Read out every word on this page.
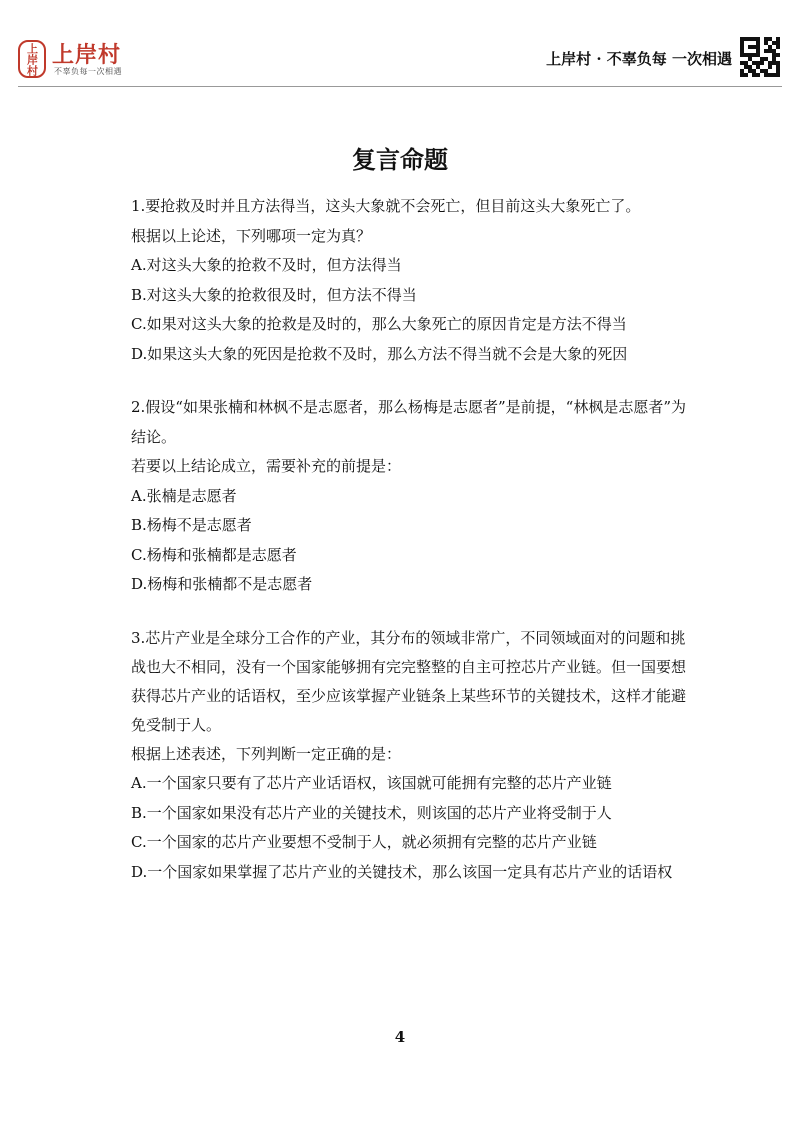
上岸村 上岸村
不辜负每一次相遇
上岸村 · 不辜负每 一次相遇
复言命题
1.要抢救及时并且方法得当，这头大象就不会死亡，但目前这头大象死亡了。
根据以上论述，下列哪项一定为真？
A.对这头大象的抢救不及时，但方法得当
B.对这头大象的抢救很及时，但方法不得当
C.如果对这头大象的抢救是及时的，那么大象死亡的原因肯定是方法不得当
D.如果这头大象的死因是抢救不及时，那么方法不得当就不会是大象的死因
2.假设“如果张楠和林枫不是志愿者，那么杨梅是志愿者”是前提，“林枫是志愿者”为结论。
若要以上结论成立，需要补充的前提是：
A.张楠是志愿者
B.杨梅不是志愿者
C.杨梅和张楠都是志愿者
D.杨梅和张楠都不是志愿者
3.芯片产业是全球分工合作的产业，其分布的领域非常广，不同领域面对的问题和挑战也大不相同，没有一个国家能够拥有完完整整的自主可控芯片产业链。但一国要想获得芯片产业的话语权，至少应该掌握产业链条上某些环节的关键技术，这样才能避免受制于人。
根据上述表述，下列判断一定正确的是：
A.一个国家只要有了芯片产业话语权，该国就可能拥有完整的芯片产业链
B.一个国家如果没有芯片产业的关键技术，则该国的芯片产业将受制于人
C.一个国家的芯片产业要想不受制于人，就必须拥有完整的芯片产业链
D.一个国家如果掌握了芯片产业的关键技术，那么该国一定具有芯片产业的话语权
4
